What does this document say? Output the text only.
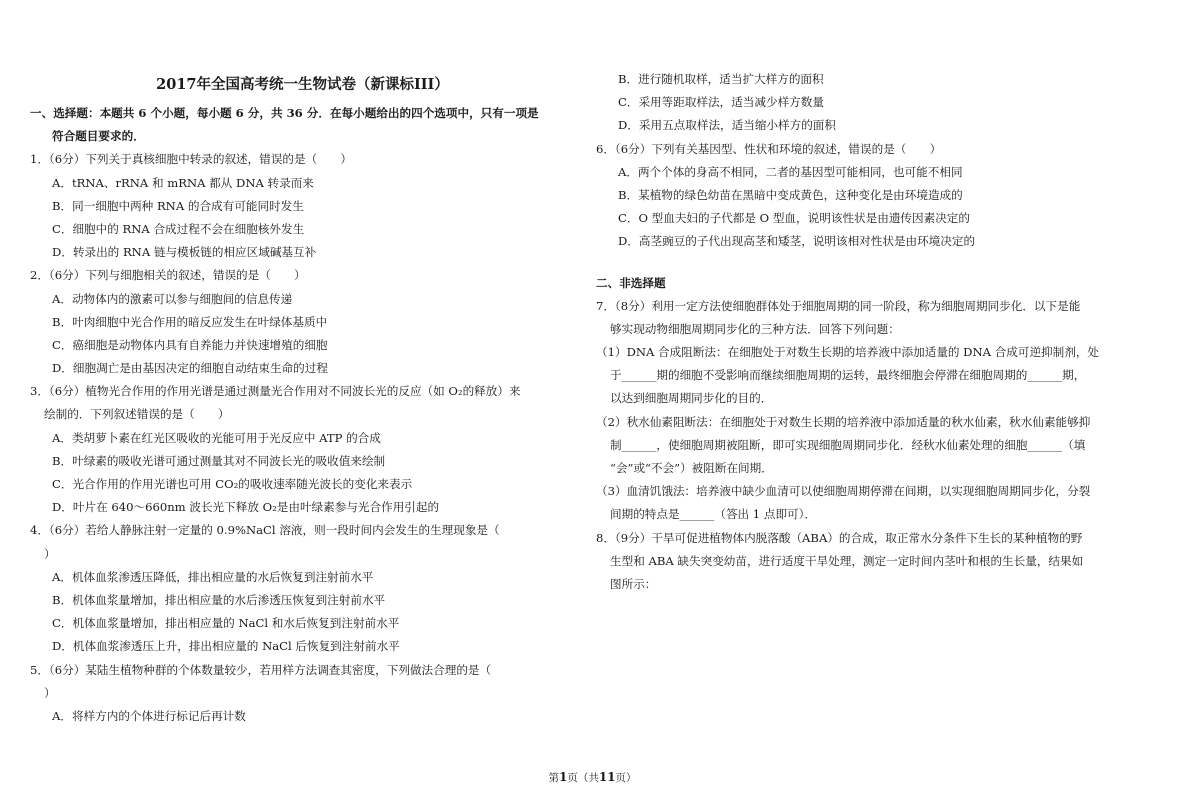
2017年全国高考统一生物试卷（新课标III）
一、选择题：本题共 6 个小题，每小题 6 分，共 36 分．在每小题给出的四个选项中，只有一项是
符合题目要求的．
1．（6分）下列关于真核细胞中转录的叙述，错误的是（　　）
A．tRNA、rRNA 和 mRNA 都从 DNA 转录而来
B．同一细胞中两种 RNA 的合成有可能同时发生
C．细胞中的 RNA 合成过程不会在细胞核外发生
D．转录出的 RNA 链与模板链的相应区域碱基互补
2．（6分）下列与细胞相关的叙述，错误的是（　　）
A．动物体内的激素可以参与细胞间的信息传递
B．叶肉细胞中光合作用的暗反应发生在叶绿体基质中
C．癌细胞是动物体内具有自养能力并快速增殖的细胞
D．细胞凋亡是由基因决定的细胞自动结束生命的过程
3．（6分）植物光合作用的作用光谱是通过测量光合作用对不同波长光的反应（如 O₂的释放）来
绘制的．下列叙述错误的是（　　）
A．类胡萝卜素在红光区吸收的光能可用于光反应中 ATP 的合成
B．叶绿素的吸收光谱可通过测量其对不同波长光的吸收值来绘制
C．光合作用的作用光谱也可用 CO₂的吸收速率随光波长的变化来表示
D．叶片在 640～660nm 波长光下释放 O₂是由叶绿素参与光合作用引起的
4．（6分）若给人静脉注射一定量的 0.9%NaCl 溶液，则一段时间内会发生的生理现象是（
）
A．机体血浆渗透压降低，排出相应量的水后恢复到注射前水平
B．机体血浆量增加，排出相应量的水后渗透压恢复到注射前水平
C．机体血浆量增加，排出相应量的 NaCl 和水后恢复到注射前水平
D．机体血浆渗透压上升，排出相应量的 NaCl 后恢复到注射前水平
5．（6分）某陆生植物种群的个体数量较少，若用样方法调查其密度，下列做法合理的是（
）
A．将样方内的个体进行标记后再计数
B．进行随机取样，适当扩大样方的面积
C．采用等距取样法，适当减少样方数量
D．采用五点取样法，适当缩小样方的面积
6．（6分）下列有关基因型、性状和环境的叙述，错误的是（　　）
A．两个个体的身高不相同，二者的基因型可能相同，也可能不相同
B．某植物的绿色幼苗在黑暗中变成黄色，这种变化是由环境造成的
C．O 型血夫妇的子代都是 O 型血，说明该性状是由遗传因素决定的
D．高茎豌豆的子代出现高茎和矮茎，说明该相对性状是由环境决定的
二、非选择题
7．（8分）利用一定方法使细胞群体处于细胞周期的同一阶段，称为细胞周期同步化．以下是能
够实现动物细胞周期同步化的三种方法．回答下列问题：
（1）DNA 合成阻断法：在细胞处于对数生长期的培养液中添加适量的 DNA 合成可逆抑制剂，处
于______期的细胞不受影响而继续细胞周期的运转，最终细胞会停滞在细胞周期的______期，
以达到细胞周期同步化的目的．
（2）秋水仙素阻断法：在细胞处于对数生长期的培养液中添加适量的秋水仙素，秋水仙素能够抑
制______，使细胞周期被阻断，即可实现细胞周期同步化．经秋水仙素处理的细胞______（填
“会”或“不会”）被阻断在间期．
（3）血清饥饿法：培养液中缺少血清可以使细胞周期停滞在间期，以实现细胞周期同步化，分裂
间期的特点是______（答出 1 点即可）．
8．（9分）干旱可促进植物体内脱落酸（ABA）的合成，取正常水分条件下生长的某种植物的野
生型和 ABA 缺失突变幼苗，进行适度干旱处理，测定一定时间内茎叶和根的生长量，结果如
图所示：
第1页（共11页）
